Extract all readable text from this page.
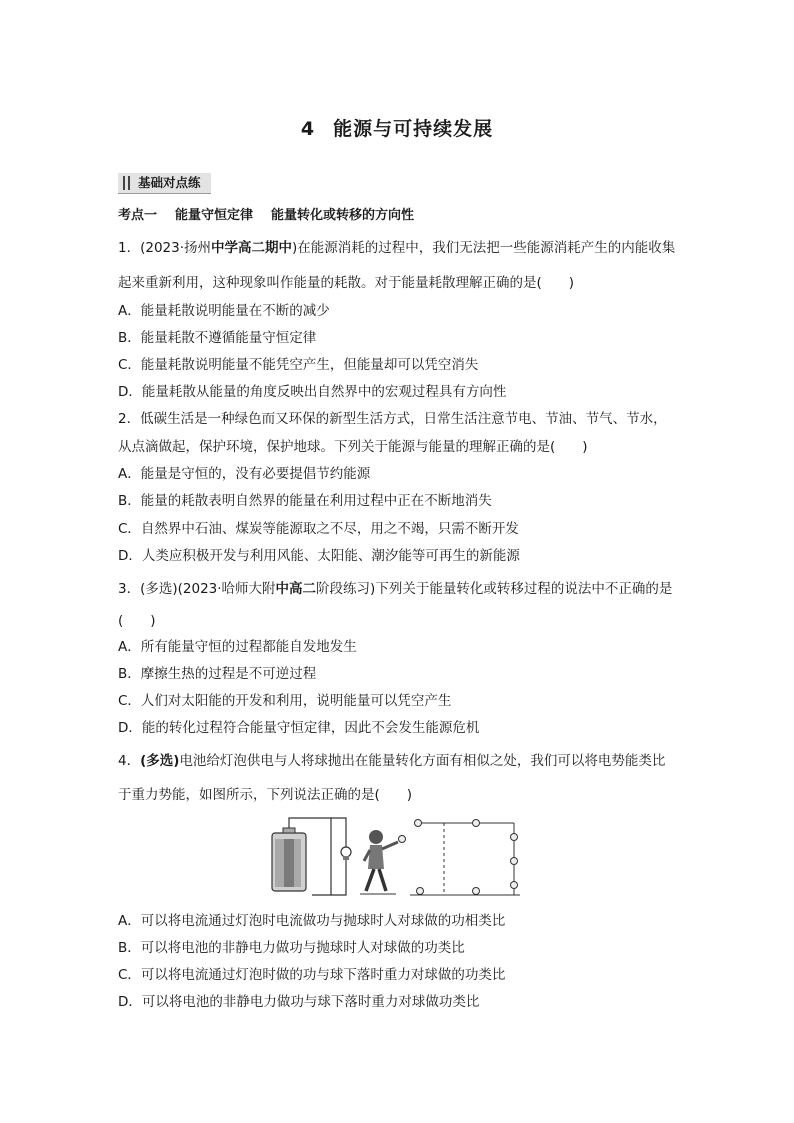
4 能源与可持续发展
基础对点练
考点一 能量守恒定律 能量转化或转移的方向性
1．(2023·扬州中学高二期中)在能源消耗的过程中，我们无法把一些能源消耗产生的内能收集
起来重新利用，这种现象叫作能量的耗散。对于能量耗散理解正确的是(　　)
A．能量耗散说明能量在不断的减少
B．能量耗散不遵循能量守恒定律
C．能量耗散说明能量不能凭空产生，但能量却可以凭空消失
D．能量耗散从能量的角度反映出自然界中的宏观过程具有方向性
2．低碳生活是一种绿色而又环保的新型生活方式，日常生活注意节电、节油、节气、节水，
从点滴做起，保护环境，保护地球。下列关于能源与能量的理解正确的是(　　)
A．能量是守恒的，没有必要提倡节约能源
B．能量的耗散表明自然界的能量在利用过程中正在不断地消失
C．自然界中石油、煤炭等能源取之不尽，用之不竭，只需不断开发
D．人类应积极开发与利用风能、太阳能、潮汐能等可再生的新能源
3．(多选)(2023·哈师大附中高二阶段练习)下列关于能量转化或转移过程的说法中不正确的是
(　　)
A．所有能量守恒的过程都能自发地发生
B．摩擦生热的过程是不可逆过程
C．人们对太阳能的开发和利用，说明能量可以凭空产生
D．能的转化过程符合能量守恒定律，因此不会发生能源危机
4．(多选)电池给灯泡供电与人将球抛出在能量转化方面有相似之处，我们可以将电势能类比
于重力势能，如图所示，下列说法正确的是(　　)
A．可以将电流通过灯泡时电流做功与抛球时人对球做的功相类比
B．可以将电池的非静电力做功与抛球时人对球做的功类比
C．可以将电流通过灯泡时做的功与球下落时重力对球做的功类比
D．可以将电池的非静电力做功与球下落时重力对球做功类比
